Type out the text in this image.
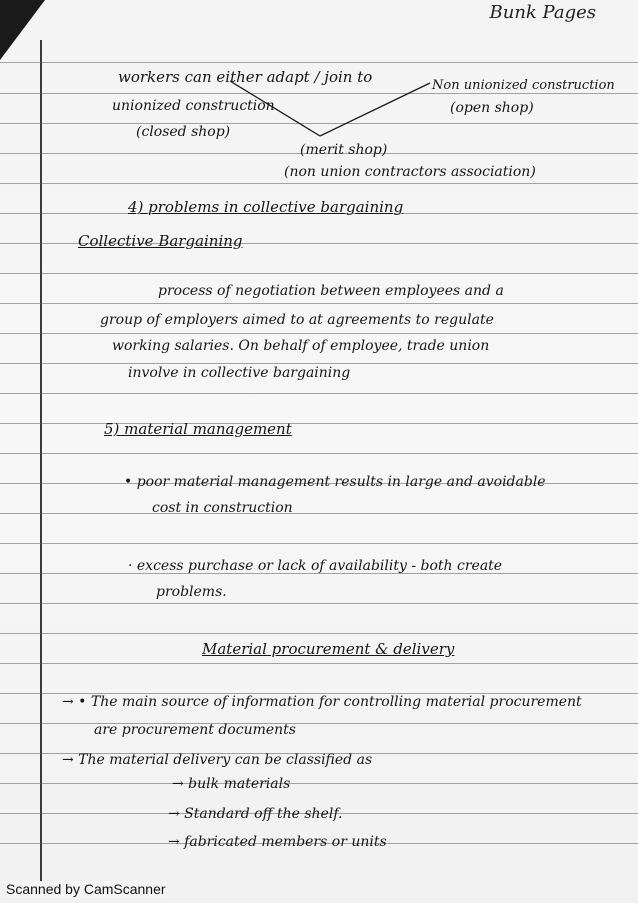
Bunk Pages
workers can either adapt / join to	Non unionized construction
unionized construction	(open shop)
(closed shop)
(merit shop)
(non union contractors association)
4) problems in collective bargaining
Collective Bargaining
process of negotiation between employees and a
group of employers aimed to at agreements to regulate
working salaries. On behalf of employee, trade union
involve in collective bargaining
5) material management
• poor material management results in large and avoidable
cost in construction
· excess purchase or lack of availability - both create
problems.
Material procurement & delivery
→ • The main source of information for controlling material procurement
are procurement documents
→ The material delivery can be classified as
→ bulk materials
→ Standard off the shelf.
→ fabricated members or units
Scanned by CamScanner
